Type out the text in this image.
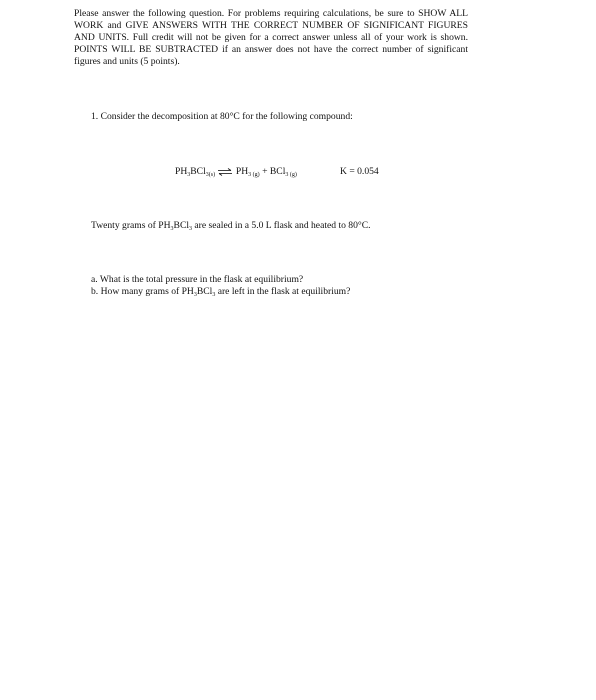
Please answer the following question. For problems requiring calculations, be sure to SHOW ALL WORK and GIVE ANSWERS WITH THE CORRECT NUMBER OF SIGNIFICANT FIGURES AND UNITS. Full credit will not be given for a correct answer unless all of your work is shown. POINTS WILL BE SUBTRACTED if an answer does not have the correct number of significant figures and units (5 points).
1. Consider the decomposition at 80°C for the following compound:
$PH_3BCl_{3(s)}$ ⇌ $PH_{3 (g)} + BCl_{3 (g)}$	K = 0.054
Twenty grams of $PH_3BCl_3$ are sealed in a 5.0 L flask and heated to 80°C.
a. What is the total pressure in the flask at equilibrium?
b. How many grams of $PH_3BCl_3$ are left in the flask at equilibrium?
